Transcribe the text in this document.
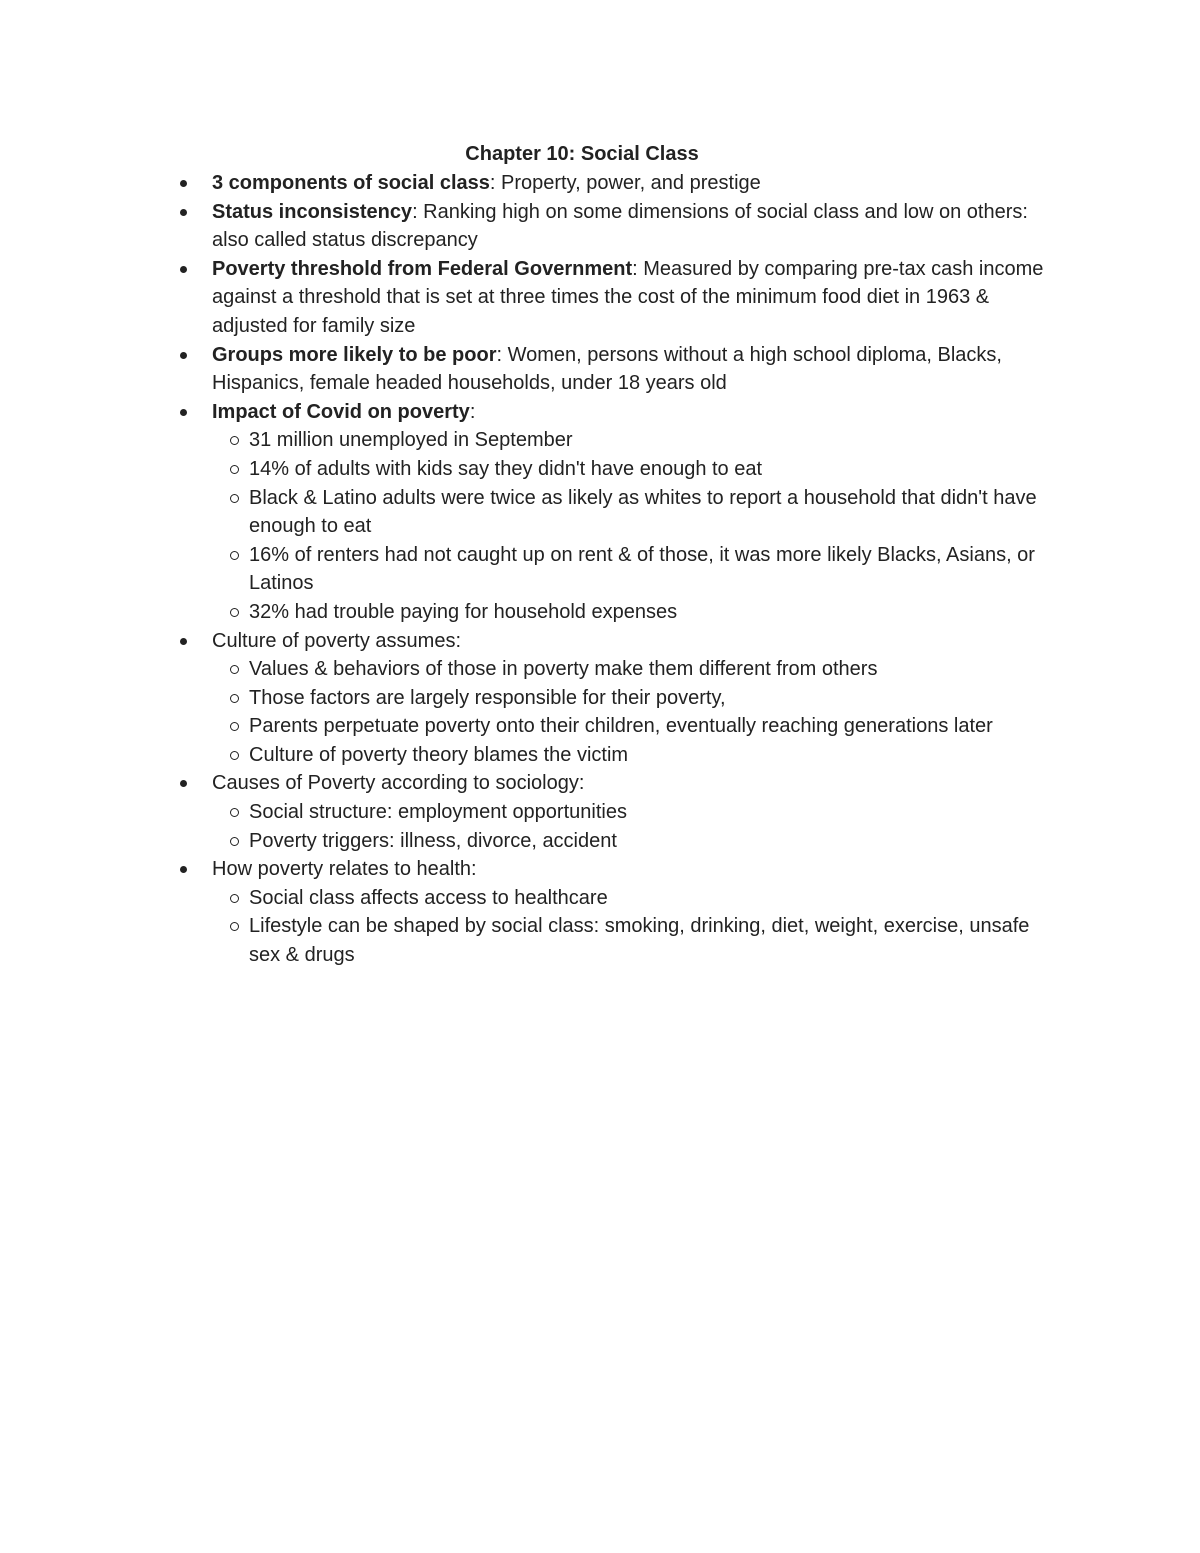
Chapter 10: Social Class
3 components of social class: Property, power, and prestige
Status inconsistency: Ranking high on some dimensions of social class and low on others: also called status discrepancy
Poverty threshold from Federal Government: Measured by comparing pre-tax cash income against a threshold that is set at three times the cost of the minimum food diet in 1963 & adjusted for family size
Groups more likely to be poor: Women, persons without a high school diploma, Blacks, Hispanics, female headed households, under 18 years old
Impact of Covid on poverty:
31 million unemployed in September
14% of adults with kids say they didn't have enough to eat
Black & Latino adults were twice as likely as whites to report a household that didn't have enough to eat
16% of renters had not caught up on rent & of those, it was more likely Blacks, Asians, or Latinos
32% had trouble paying for household expenses
Culture of poverty assumes:
Values & behaviors of those in poverty make them different from others
Those factors are largely responsible for their poverty,
Parents perpetuate poverty onto their children, eventually reaching generations later
Culture of poverty theory blames the victim
Causes of Poverty according to sociology:
Social structure: employment opportunities
Poverty triggers: illness, divorce, accident
How poverty relates to health:
Social class affects access to healthcare
Lifestyle can be shaped by social class: smoking, drinking, diet, weight, exercise, unsafe sex & drugs
